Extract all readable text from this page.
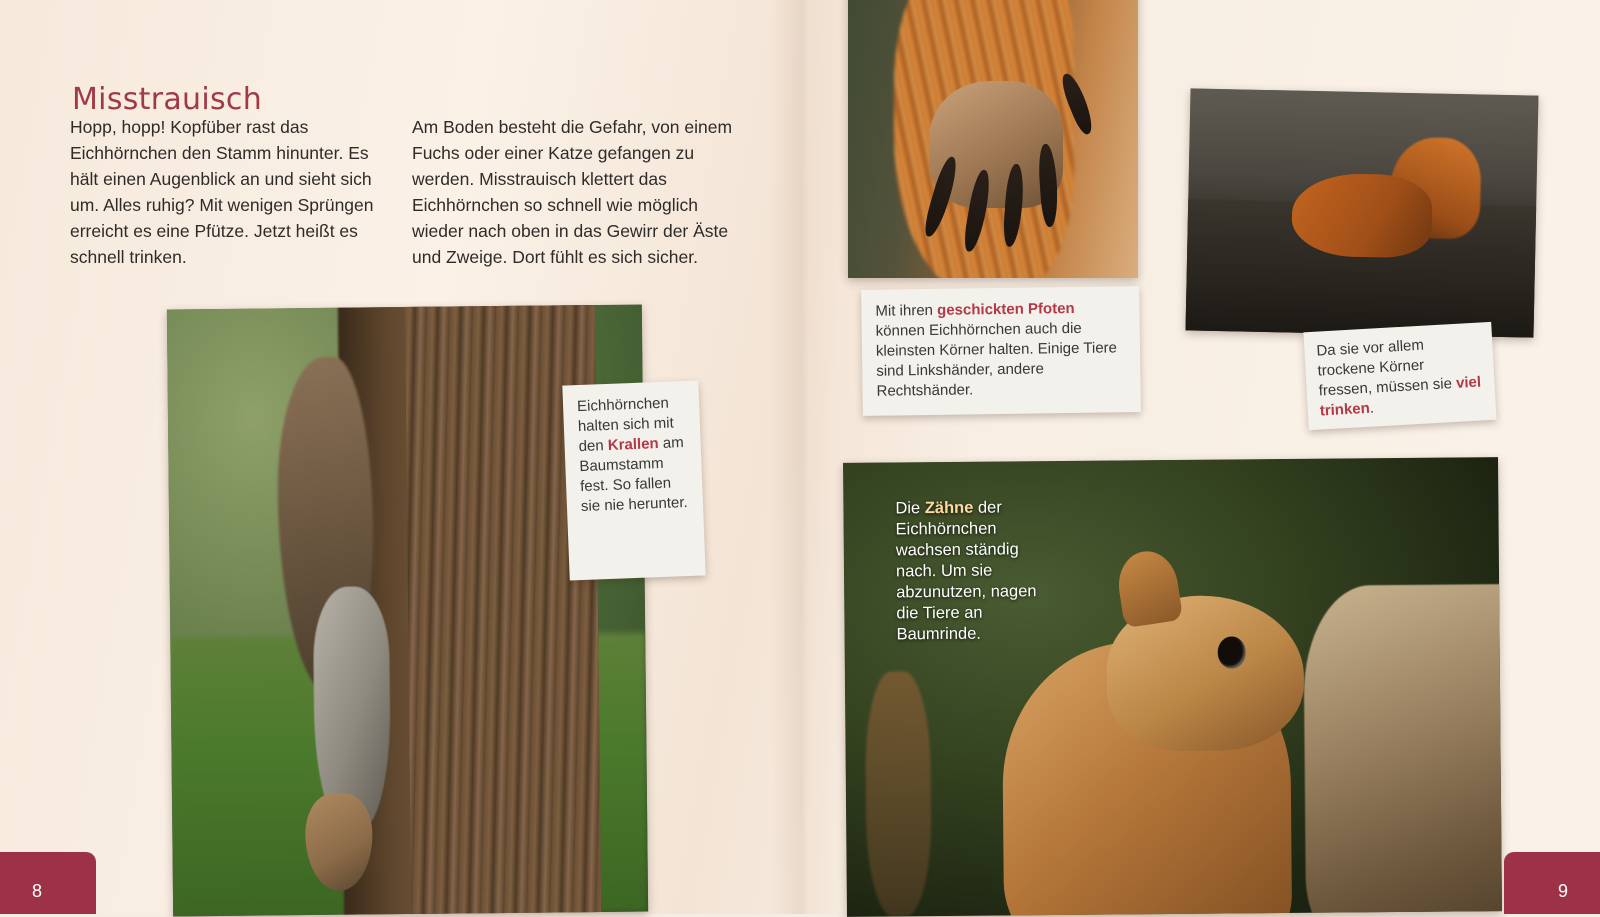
Misstrauisch
Hopp, hopp! Kopfüber rast das Eichhörnchen den Stamm hinunter. Es hält einen Augenblick an und sieht sich um. Alles ruhig? Mit wenigen Sprüngen erreicht es eine Pfütze. Jetzt heißt es schnell trinken.
Am Boden besteht die Gefahr, von einem Fuchs oder einer Katze gefangen zu werden. Misstrauisch klettert das Eichhörnchen so schnell wie möglich wieder nach oben in das Gewirr der Äste und Zweige. Dort fühlt es sich sicher.
Eichhörnchen halten sich mit den Krallen am Baumstamm fest. So fallen sie nie herunter.
8
Mit ihren geschickten Pfoten können Eichhörnchen auch die kleinsten Körner halten. Einige Tiere sind Linkshänder, andere Rechtshänder.
Da sie vor allem trockene Körner fressen, müssen sie viel trinken.
Die Zähne der Eichhörnchen wachsen ständig nach. Um sie abzunutzen, nagen die Tiere an Baumrinde.
9
